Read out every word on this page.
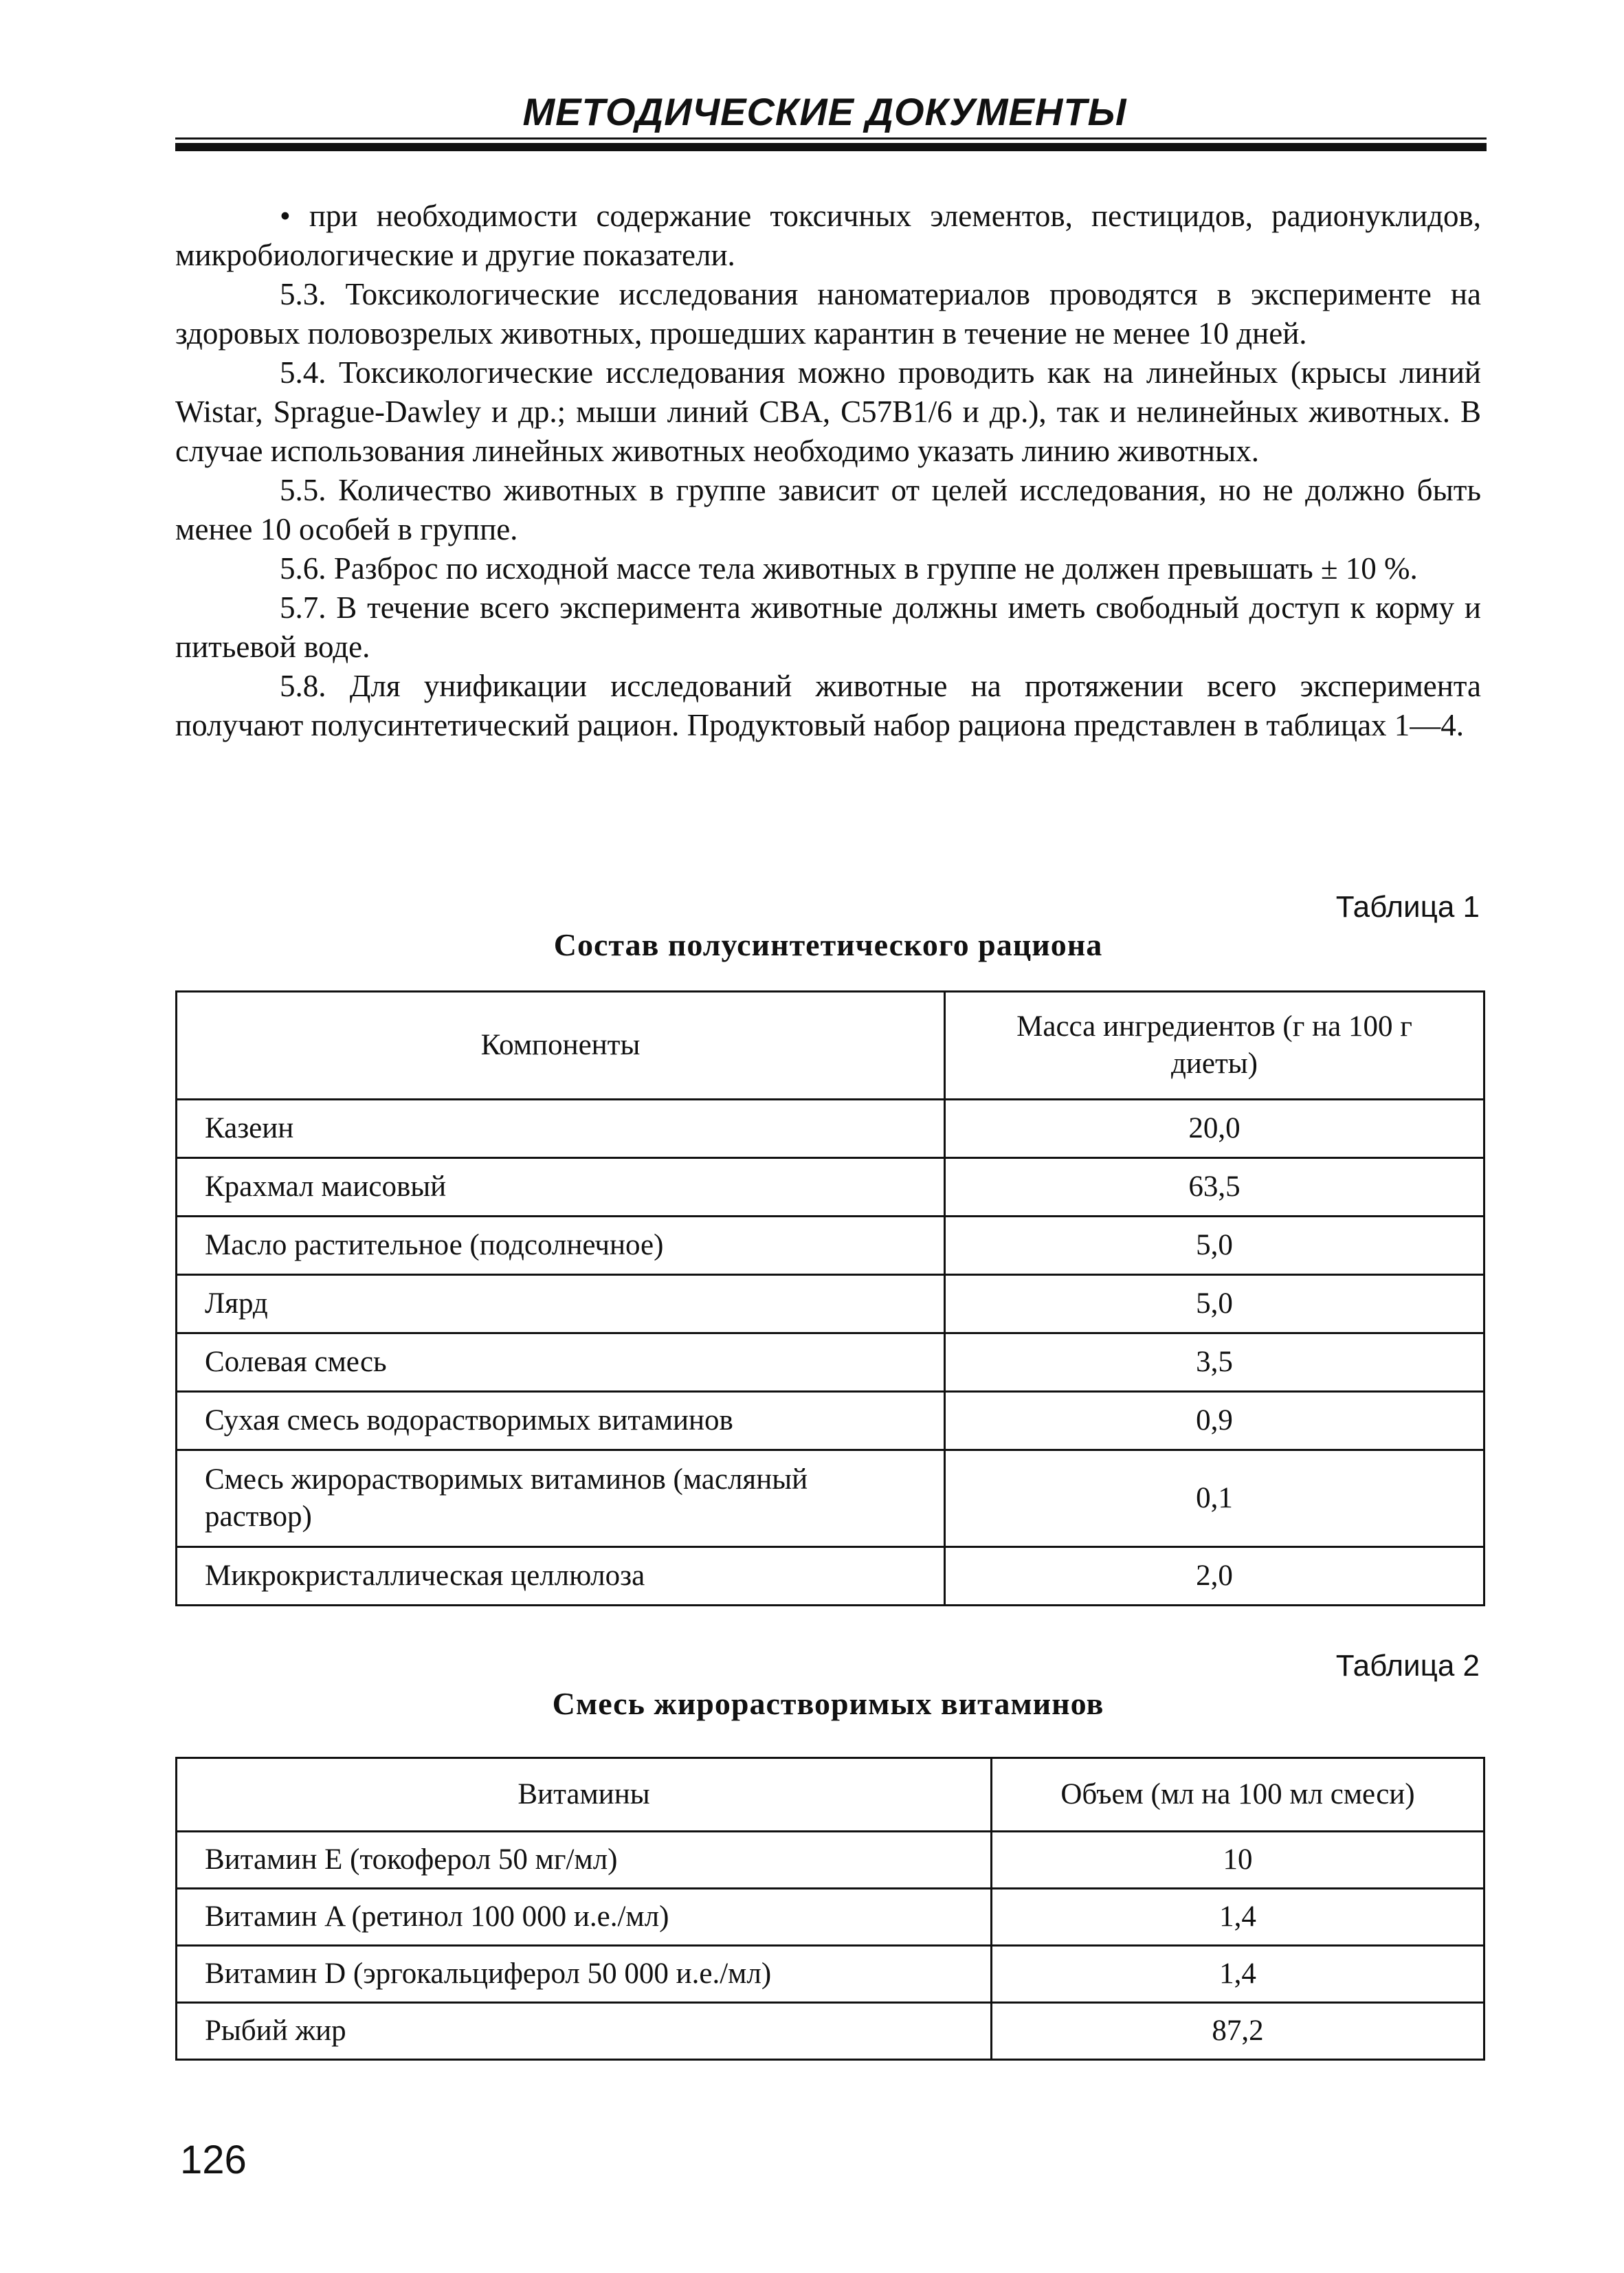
МЕТОДИЧЕСКИЕ ДОКУМЕНТЫ

• при необходимости содержание токсичных элементов, пестицидов, радионуклидов, микробиологические и другие показатели.

5.3. Токсикологические исследования наноматериалов проводятся в эксперименте на здоровых половозрелых животных, прошедших карантин в течение не менее 10 дней.

5.4. Токсикологические исследования можно проводить как на линейных (крысы линий Wistar, Sprague-Dawley и др.; мыши линий CBA, C57B1/6 и др.), так и нелинейных животных. В случае использования линейных животных необходимо указать линию животных.

5.5. Количество животных в группе зависит от целей исследования, но не должно быть менее 10 особей в группе.

5.6. Разброс по исходной массе тела животных в группе не должен превышать ± 10 %.

5.7. В течение всего эксперимента животные должны иметь свободный доступ к корму и питьевой воде.

5.8. Для унификации исследований животные на протяжении всего эксперимента получают полусинтетический рацион. Продуктовый набор рациона представлен в таблицах 1—4.

Таблица 1
Состав полусинтетического рациона
Компоненты	Масса ингредиентов (г на 100 г диеты)
Казеин	20,0
Крахмал маисовый	63,5
Масло растительное (подсолнечное)	5,0
Лярд	5,0
Солевая смесь	3,5
Сухая смесь водорастворимых витаминов	0,9
Смесь жирорастворимых витаминов (масляный раствор)	0,1
Микрокристаллическая целлюлоза	2,0
Таблица 2
Смесь жирорастворимых витаминов
Витамины	Объем (мл на 100 мл смеси)
Витамин E (токоферол 50 мг/мл)	10
Витамин A (ретинол 100 000 и.е./мл)	1,4
Витамин D (эргокальциферол 50 000 и.е./мл)	1,4
Рыбий жир	87,2
126
